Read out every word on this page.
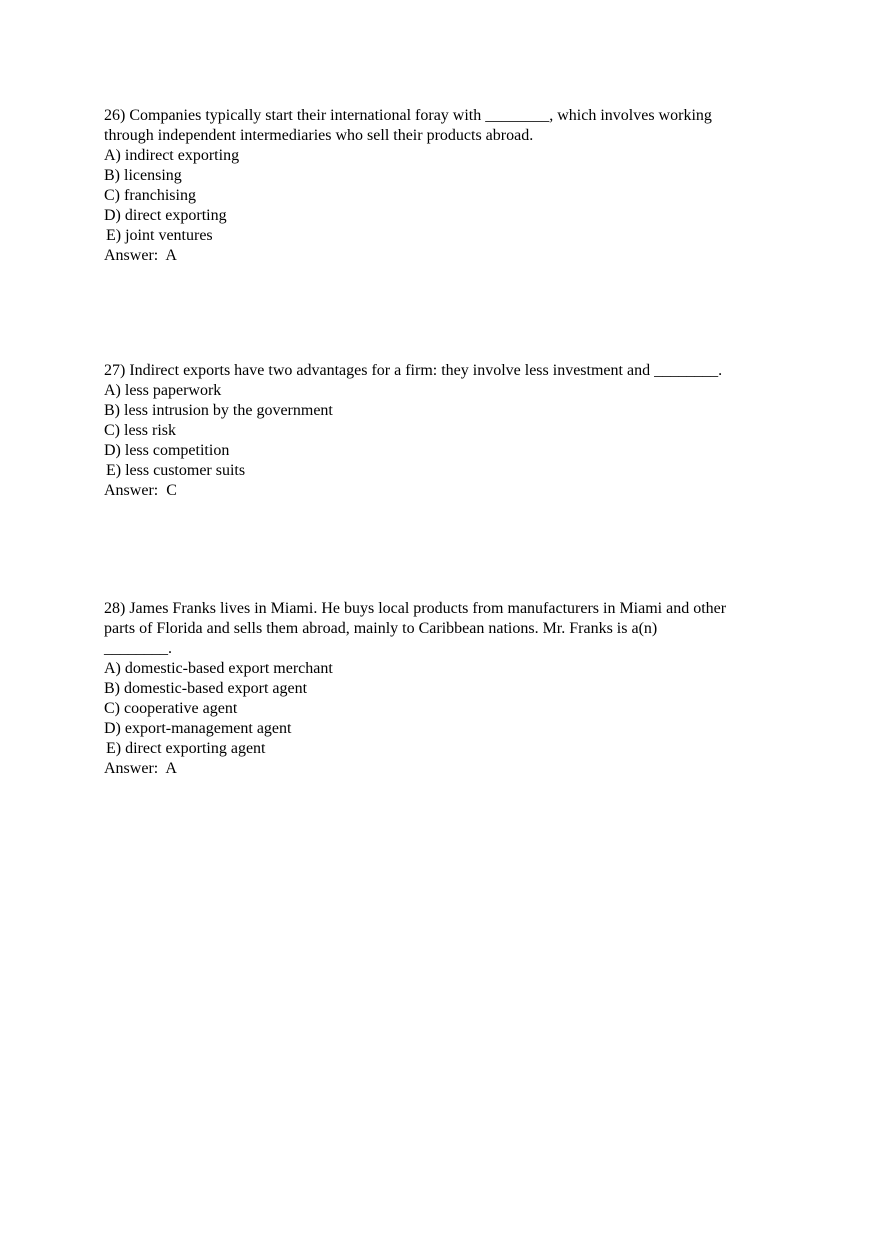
26) Companies typically start their international foray with ________, which involves working
through independent intermediaries who sell their products abroad.
A) indirect exporting
B) licensing
C) franchising
D) direct exporting
E) joint ventures
Answer:  A
27) Indirect exports have two advantages for a firm: they involve less investment and ________.
A) less paperwork
B) less intrusion by the government
C) less risk
D) less competition
E) less customer suits
Answer:  C
28) James Franks lives in Miami. He buys local products from manufacturers in Miami and other
parts of Florida and sells them abroad, mainly to Caribbean nations. Mr. Franks is a(n)
________.
A) domestic-based export merchant
B) domestic-based export agent
C) cooperative agent
D) export-management agent
E) direct exporting agent
Answer:  A
